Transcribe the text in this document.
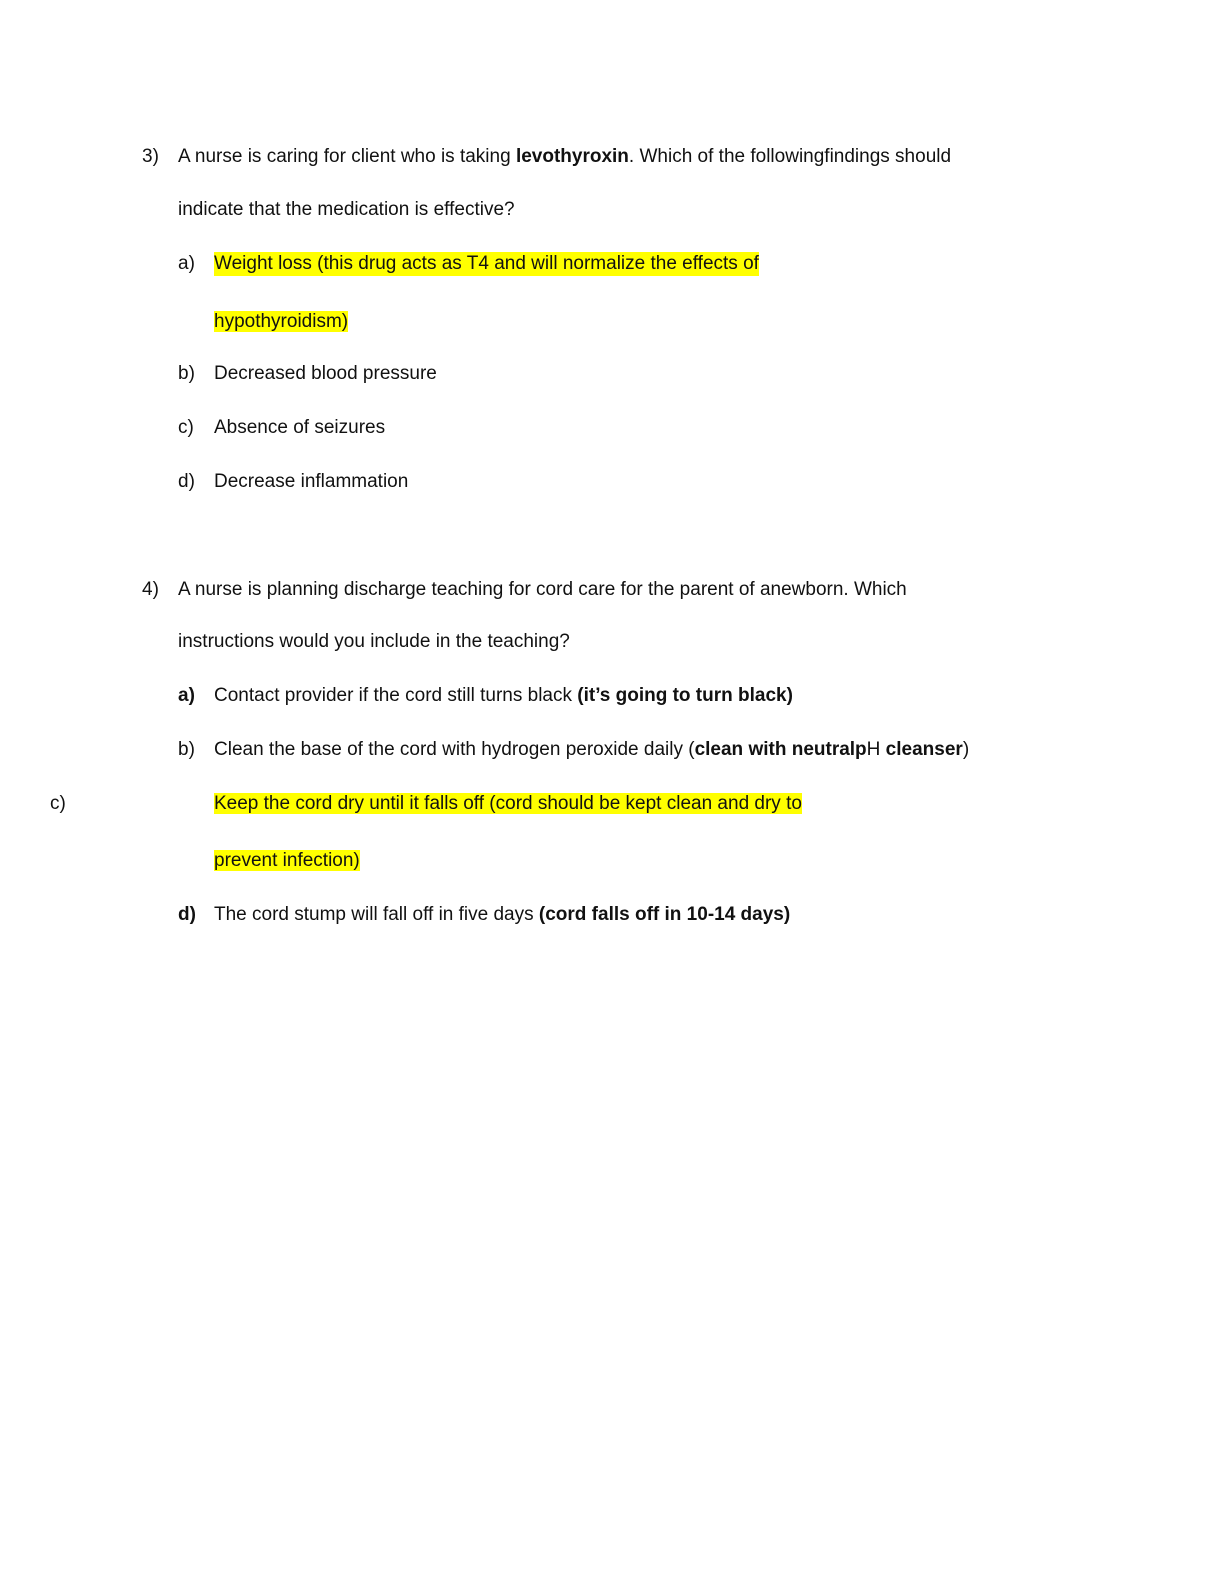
3) A nurse is caring for client who is taking levothyroxin. Which of the followingfindings should
indicate that the medication is effective?
a) Weight loss (this drug acts as T4 and will normalize the effects of
hypothyroidism)
b) Decreased blood pressure
c) Absence of seizures
d) Decrease inflammation
4) A nurse is planning discharge teaching for cord care for the parent of anewborn. Which
instructions would you include in the teaching?
a) Contact provider if the cord still turns black (it’s going to turn black)
b) Clean the base of the cord with hydrogen peroxide daily (clean with neutralpH cleanser)
c)	Keep the cord dry until it falls off (cord should be kept clean and dry to
prevent infection)
d) The cord stump will fall off in five days (cord falls off in 10-14 days)
